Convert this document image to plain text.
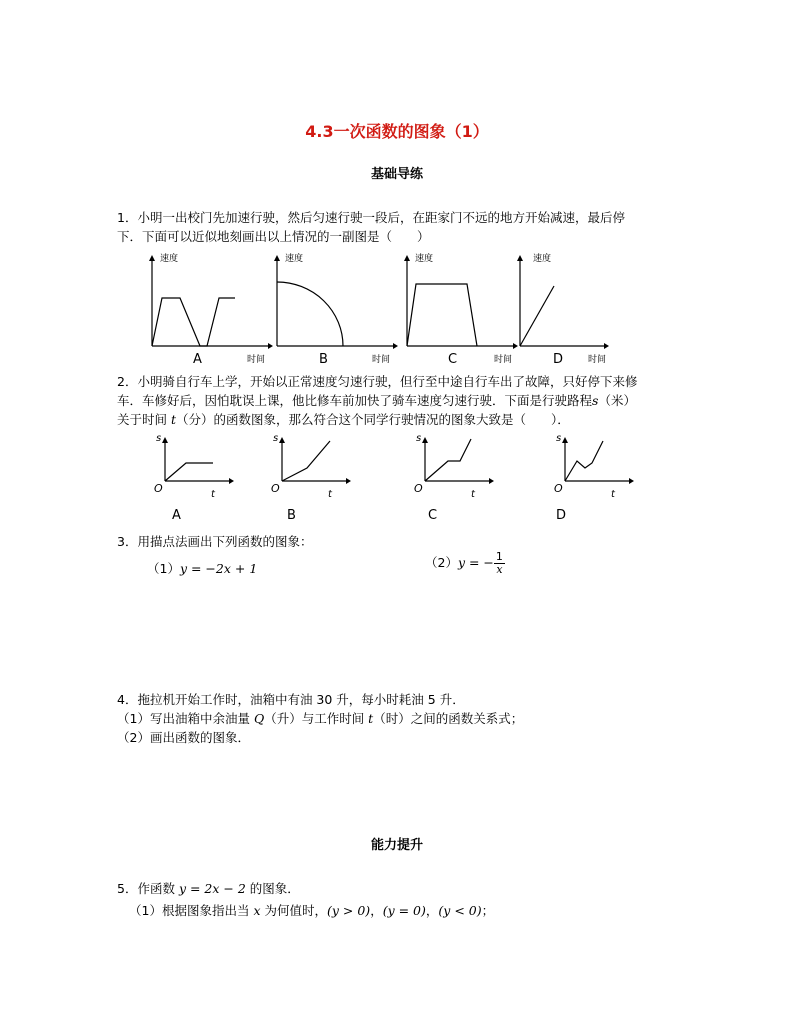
4.3一次函数的图象（1）
基础导练
1．小明一出校门先加速行驶，然后匀速行驶一段后，在距家门不远的地方开始减速，最后停
下．下面可以近似地刻画出以上情况的一副图是（　　）
速度
时间
A
速度
时间
B
速度
时间
C
速度
时间
D
2．小明骑自行车上学，开始以正常速度匀速行驶，但行至中途自行车出了故障，只好停下来修
车．车修好后，因怕耽误上课，他比修车前加快了骑车速度匀速行驶．下面是行驶路程s（米）
关于时间 t（分）的函数图象，那么符合这个同学行驶情况的图象大致是（　　）．
s
t
O
A
s
t
O
B
s
t
O
C
s
t
O
D
3．用描点法画出下列函数的图象：
（1）y = −2x + 1	（2）y = − $\frac{1}{x}$
4．拖拉机开始工作时，油箱中有油 30 升，每小时耗油 5 升．
（1）写出油箱中余油量 Q（升）与工作时间 t（时）之间的函数关系式；
（2）画出函数的图象．
能力提升
5．作函数 y = 2x − 2 的图象．
（1）根据图象指出当 x 为何值时，(y > 0)，(y = 0)，(y < 0)；
